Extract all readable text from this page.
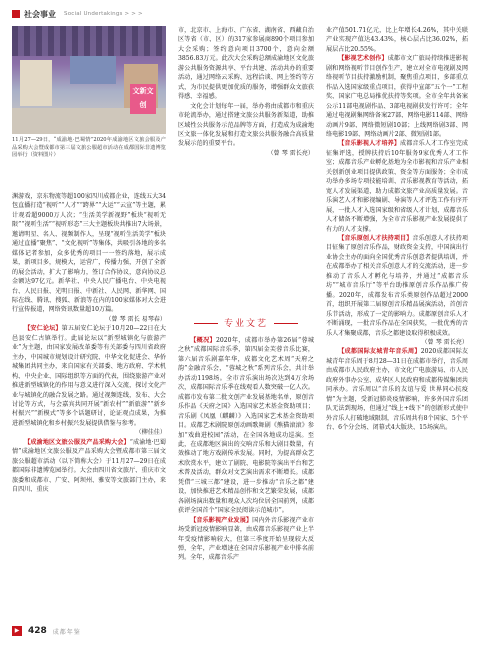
社会事业 Social Undertakings > > >
文新文创
11月27—29日，“成渝地·巴蜀情”2020年成渝地区文旅会服及产品采购大会暨成都市第三届文旅公服超市活动在成都国际非遗博览园举行（资料图片）

渊游戏，京东物流等超100家四川成都企业，连线五大34包直播打造“视听”“人才”“跨界”“大运”“云宣”等主题，累计观看超9000万人次；“生活美学新视野”板块“视听无限”“视听生活”“视听形态”三大主题板块共推出7大场景，邀请明星、名人、视频制作人，呈现“视听生活美学”板块通过直播“聚焦”、“文化视听”等集体，共吸引各地的多名媒体记者参加，众多优秀的项目一一签约落地，展示成果，新项目多，规模大，运营广，传播力强，开创了全新的展会活动，扩大了影响力，签订合作协议，意向协议总金额达97亿元。新华社、中央人民广播电台、中央电视台、人民日报、光明日报、中新社、人民网、新华网、国际在线、腾讯、搜狐、新浪等在内的100家媒体对大会进行宣传报道，网络资讯数量超10万篇。
（曾 琴 雷长 易琴春）

【安仁论坛】第五届安仁论坛于10月20—22日在大邑县安仁古镇举行。此届论坛以“新型城镇化与旅游产业”为主题，由国家发展改革委等有关部委与四川省政府主办，中国城市规划设计研究院、中华文化促进会、华侨城集团共同主办，来自国家有关部委、地方政府、学术机构、中央企业、国际组织等方面的代表，围绕旅游产业对推进新型城镇化的作用与意义进行深入交流，探讨文化产业与城镇化的融合发展之路。通过视频连线，发布、大会讨论等方式，与会嘉宾共同开展“新农村”“新旅游”“新乡村振兴”“新模式”等多个话题研讨，论证观点成果，为推进新型城镇化和乡村振兴发展提供借鉴与参考。
（柳佳佳）

【成渝地区文旅公服及产品采购大会】“成渝地·巴蜀情”成渝地区文旅公服及产品采购大会暨成都市第三届文旅公服超市活动（以下简称大会）于11月27—29日在成都国际非遗博览园举行。大会由四川省文旅厅、重庆市文旅委和成都市、广安、阿坝州、雅安等文旅部门主办，来自四川、重庆

市，北京市、上海市、广东省、湖南省、西藏自治区等省（市、区）的317家参展商890个项目参加大会采购；签约意向项目3700个，意向金额3856.83万元。此次大会采购总额成渝地区文化旅游公共服务资源共享、平台共建、活动共办的重要活动，通过网络云采购、远程洽谈、网上签约等方式，为市民提供更加优质的服务，增强群众文旅获得感、幸福感。

文化会计划每年一届，举办将由成都市和重庆市轮流举办，通过搭建文旅公共服务新渠道，助推区域性公共服务示范品牌等方面，打造成为成渝地区文旅一体化发展和打造文旅公共服务融合高质量发展示范的重要平台。
（曾 琴 雷长亮）

专业文艺

【概况】2020年，成都市举办第26届“蓉城之秋”成都国际音乐季，第四届金芙蓉音乐比赛，第六届音乐剧嘉年华，成都文化艺术周“天府之韵”金融音乐会，“蓉城之秋”系列音乐会，共计举办活动1198场。全市音乐演出场次达到4万余场次，成都国际音乐季在线观看人数突破一亿人次。成都市发布第二批文创产业发展基地名单，原创音乐作品《天府之国》入选国家艺术基金资助项目；音乐剧《凤凰（麒麟）》入选国家艺术基金资助项目。成都艺术剧院原创动画歌舞剧《熊猫滚滚》参加“戏曲进校园”活动，在全国各地成功巡演。至此，在成都地区演出的交响音乐和大剧目数量，有效推动了地方戏剧传承发展。同时，为提高群众艺术欣赏水平，建立了剧院、电影院等演出平台和艺术普及活动，群众对文艺演出需求不断增长。成都凭借“三城三都”建设，进一步推动“音乐之都”建设，加快推进艺术精品创作和文艺繁荣发展，成都各剧场演出数量和观众人次均位居全国前列，成都获评全国首个“国家全民阅读示范城市”。

【音乐影视产业发展】国内外音乐影视产业市场受新冠疫情影响显著，由成都音乐影视产业上半年受疫情影响较大，但第三季度开始呈现较大反弹，全年，产业增速在全国音乐影视产业中排名前列。全年，成都音乐产

业产值501.71亿元，比上年增长4.26%，其中关联产业实现产值达43.43%，核心层占比36.02%，拓展层占比20.55%。

【影视艺术创作】成都市文广旅局持续推进影视剧和网络视听节目创作生产，建立对全市电视剧及网络视听节目扶持激励机制，聚焦重点项目，多部重点作品入选国家级重点项目，获得中宣部“五个一”工程奖、国家广电总局推优扶持等奖项。全市全年共备案公示11部电视剧作品、3部电视剧获发行许可；全年通过电视剧集网络备案27部、网络电影114部、网络动画片9部、网络微短剧10部；上线网络剧3部、网络电影19部、网络动画片2部、微短剧1部。

【音乐影视人才培养】成都音乐人才工作室完成征集评选，授牌扶持后10年服务9家优秀人才工作室；成都音乐产业孵化基地为全市影视和音乐产业相关创新创业项目提供政策、资金等方面服务；全市成功举办多场专项技能培训、音乐影视教育等活动，拓宽人才发展渠道，助力成都文旅产业高质量发展。音乐演艺人才和影视编剧、导演等人才评选工作有序开展，一批人才入选国家级和省级人才计划，成都音乐人才储备不断增强，为全市音乐影视产业发展提供了有力的人才支撑。

【音乐原创人才扶持项目】音乐创意人才扶持项目征集了原创音乐作品，财政资金支持，中国演出行业协会主办的面向全国优秀音乐创意者提供培训，并在成都举办了相关音乐创意人才的交流活动，进一步推动了音乐人才孵化与培养，并通过“成都音乐坊”“城市音乐厅”等平台助推原创音乐作品推广传播。2020年，成都发布音乐类原创作品超过2000首，组织开展第二届原创音乐精品展演活动，首创音乐节活动，形成了一定的影响力。成都原创音乐人才不断涌现，一批音乐作品在全国获奖，一批优秀的音乐人才集聚成都，音乐之都建设取得积极成效。
（曾 琴 雷长亮）

【成都国际友城青年音乐周】2020成都国际友城青年音乐周于8月28—31日在成都市举行，音乐周由成都市人民政府主办，市文化广电旅游局、市人民政府外事办公室、成华区人民政府和成都传媒集团共同承办。音乐周以“音乐的友谊与爱 世界同心抗疫情”为主题，受新冠肺炎疫情影响，许多外国音乐团队无法到现场，但通过“线上+线下”的创新形式使中外音乐人打破地域限制，音乐周共有8个国家、5个平台、6个分会场、闭幕式4大版块、15场演出。

▶ 428 成都年鉴
